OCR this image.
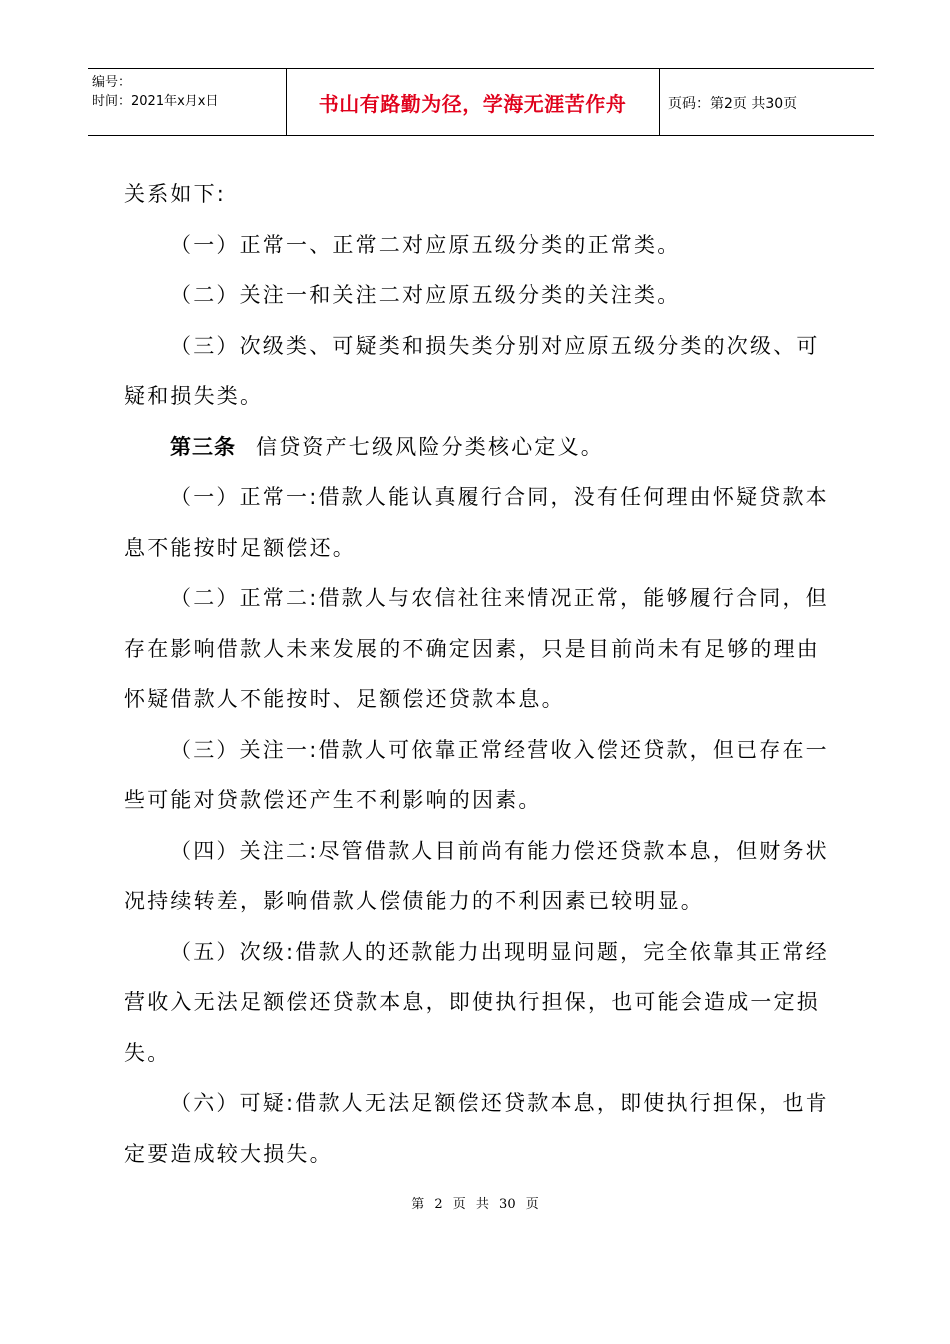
编号：
时间：2021年x月x日	书山有路勤为径，学海无涯苦作舟	页码：第2页 共30页

关系如下:

（一）正常一、正常二对应原五级分类的正常类。

（二）关注一和关注二对应原五级分类的关注类。

（三）次级类、可疑类和损失类分别对应原五级分类的次级、可疑和损失类。

第三条 信贷资产七级风险分类核心定义。

（一）正常一:借款人能认真履行合同，没有任何理由怀疑贷款本息不能按时足额偿还。

（二）正常二:借款人与农信社往来情况正常，能够履行合同，但存在影响借款人未来发展的不确定因素，只是目前尚未有足够的理由怀疑借款人不能按时、足额偿还贷款本息。

（三）关注一:借款人可依靠正常经营收入偿还贷款，但已存在一些可能对贷款偿还产生不利影响的因素。

（四）关注二:尽管借款人目前尚有能力偿还贷款本息，但财务状况持续转差，影响借款人偿债能力的不利因素已较明显。

（五）次级:借款人的还款能力出现明显问题，完全依靠其正常经营收入无法足额偿还贷款本息，即使执行担保，也可能会造成一定损失。

（六）可疑:借款人无法足额偿还贷款本息，即使执行担保，也肯定要造成较大损失。

第 2 页 共 30 页
